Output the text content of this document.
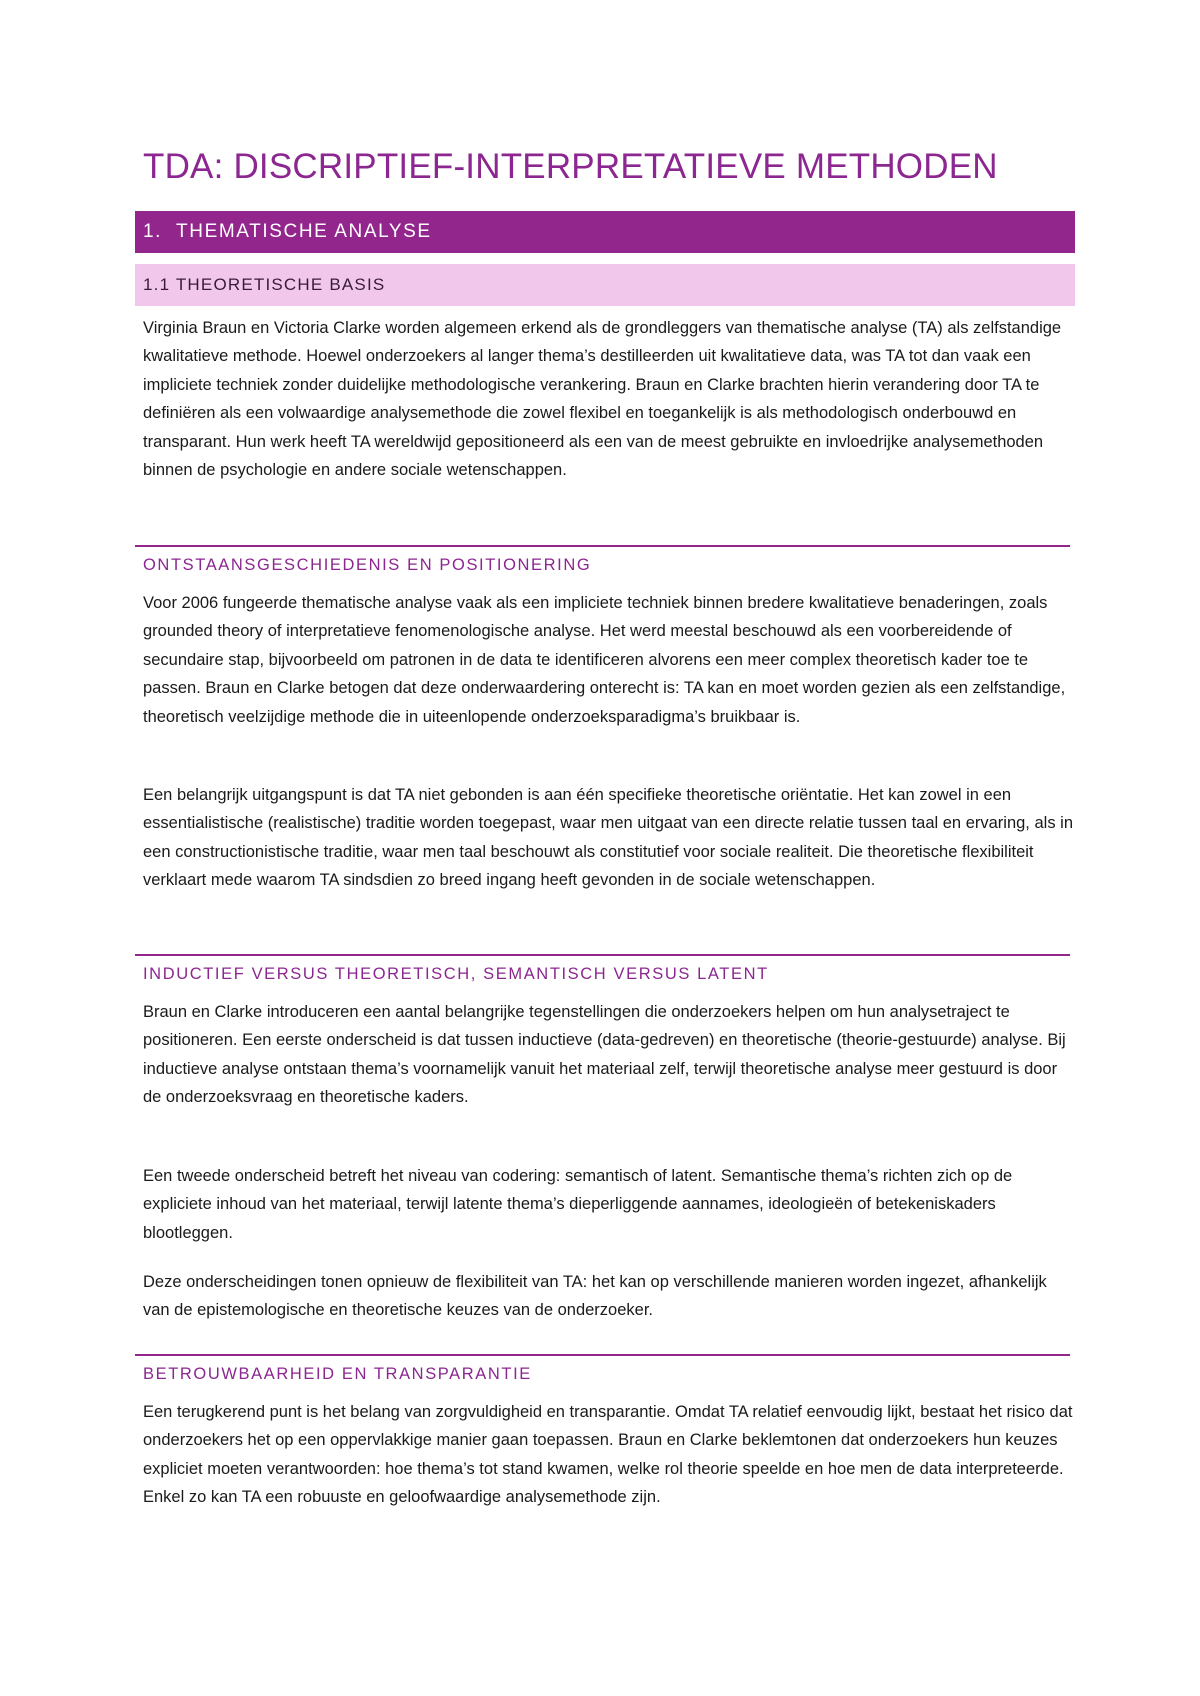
TDA: DISCRIPTIEF-INTERPRETATIEVE METHODEN
1. THEMATISCHE ANALYSE
1.1 THEORETISCHE BASIS

Virginia Braun en Victoria Clarke worden algemeen erkend als de grondleggers van thematische analyse (TA) als zelfstandige kwalitatieve methode. Hoewel onderzoekers al langer thema’s destilleerden uit kwalitatieve data, was TA tot dan vaak een impliciete techniek zonder duidelijke methodologische verankering. Braun en Clarke brachten hierin verandering door TA te definiëren als een volwaardige analysemethode die zowel flexibel en toegankelijk is als methodologisch onderbouwd en transparant. Hun werk heeft TA wereldwijd gepositioneerd als een van de meest gebruikte en invloedrijke analysemethoden binnen de psychologie en andere sociale wetenschappen.

ONTSTAANSGESCHIEDENIS EN POSITIONERING

Voor 2006 fungeerde thematische analyse vaak als een impliciete techniek binnen bredere kwalitatieve benaderingen, zoals grounded theory of interpretatieve fenomenologische analyse. Het werd meestal beschouwd als een voorbereidende of secundaire stap, bijvoorbeeld om patronen in de data te identificeren alvorens een meer complex theoretisch kader toe te passen. Braun en Clarke betogen dat deze onderwaardering onterecht is: TA kan en moet worden gezien als een zelfstandige, theoretisch veelzijdige methode die in uiteenlopende onderzoeksparadigma’s bruikbaar is.

Een belangrijk uitgangspunt is dat TA niet gebonden is aan één specifieke theoretische oriëntatie. Het kan zowel in een essentialistische (realistische) traditie worden toegepast, waar men uitgaat van een directe relatie tussen taal en ervaring, als in een constructionistische traditie, waar men taal beschouwt als constitutief voor sociale realiteit. Die theoretische flexibiliteit verklaart mede waarom TA sindsdien zo breed ingang heeft gevonden in de sociale wetenschappen.

INDUCTIEF VERSUS THEORETISCH, SEMANTISCH VERSUS LATENT

Braun en Clarke introduceren een aantal belangrijke tegenstellingen die onderzoekers helpen om hun analysetraject te positioneren. Een eerste onderscheid is dat tussen inductieve (data-gedreven) en theoretische (theorie-gestuurde) analyse. Bij inductieve analyse ontstaan thema’s voornamelijk vanuit het materiaal zelf, terwijl theoretische analyse meer gestuurd is door de onderzoeksvraag en theoretische kaders.

Een tweede onderscheid betreft het niveau van codering: semantisch of latent. Semantische thema’s richten zich op de expliciete inhoud van het materiaal, terwijl latente thema’s dieperliggende aannames, ideologieën of betekeniskaders blootleggen.

Deze onderscheidingen tonen opnieuw de flexibiliteit van TA: het kan op verschillende manieren worden ingezet, afhankelijk van de epistemologische en theoretische keuzes van de onderzoeker.

BETROUWBAARHEID EN TRANSPARANTIE

Een terugkerend punt is het belang van zorgvuldigheid en transparantie. Omdat TA relatief eenvoudig lijkt, bestaat het risico dat onderzoekers het op een oppervlakkige manier gaan toepassen. Braun en Clarke beklemtonen dat onderzoekers hun keuzes expliciet moeten verantwoorden: hoe thema’s tot stand kwamen, welke rol theorie speelde en hoe men de data interpreteerde. Enkel zo kan TA een robuuste en geloofwaardige analysemethode zijn.
